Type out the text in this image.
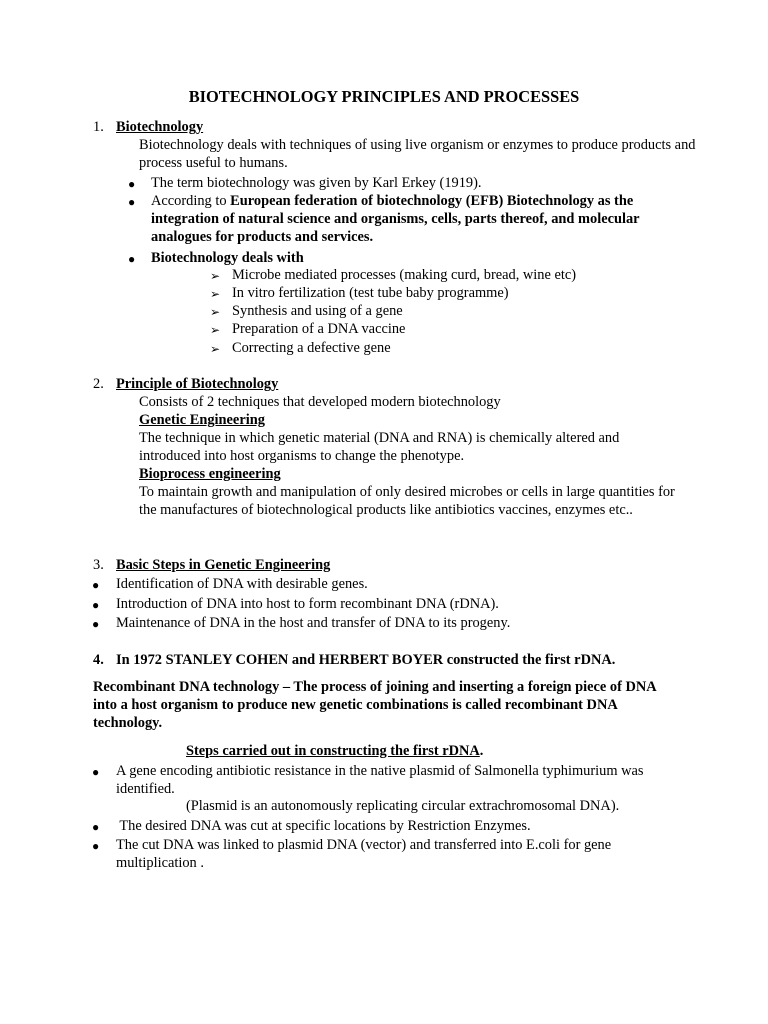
BIOTECHNOLOGY PRINCIPLES AND PROCESSES
1. Biotechnology

Biotechnology deals with techniques of using live organism or enzymes to produce products and process useful to humans.

● The term biotechnology was given by Karl Erkey (1919).

● According to European federation of biotechnology (EFB) Biotechnology as the integration of natural science and organisms, cells, parts thereof, and molecular analogues for products and services.

● Biotechnology deals with

➢ Microbe mediated processes (making curd, bread, wine etc)

➢ In vitro fertilization (test tube baby programme)

➢ Synthesis and using of a gene

➢ Preparation of a DNA vaccine

➢ Correcting a defective gene

2. Principle of Biotechnology

Consists of 2 techniques that developed modern biotechnology

Genetic Engineering

The technique in which genetic material (DNA and RNA) is chemically altered and introduced into host organisms to change the phenotype.

Bioprocess engineering

To maintain growth and manipulation of only desired microbes or cells in large quantities for the manufactures of biotechnological products like antibiotics vaccines, enzymes etc..

3. Basic Steps in Genetic Engineering
● Identification of DNA with desirable genes.

● Introduction of DNA into host to form recombinant DNA (rDNA).

● Maintenance of DNA in the host and transfer of DNA to its progeny.

4. In 1972 STANLEY COHEN and HERBERT BOYER constructed the first rDNA.

Recombinant DNA technology – The process of joining and inserting a foreign piece of DNA into a host organism to produce new genetic combinations is called recombinant DNA technology.

Steps carried out in constructing the first rDNA.

● A gene encoding antibiotic resistance in the native plasmid of Salmonella typhimurium was identified.

(Plasmid is an autonomously replicating circular extrachromosomal DNA).

● The desired DNA was cut at specific locations by Restriction Enzymes.

● The cut DNA was linked to plasmid DNA (vector) and transferred into E.coli for gene multiplication .
